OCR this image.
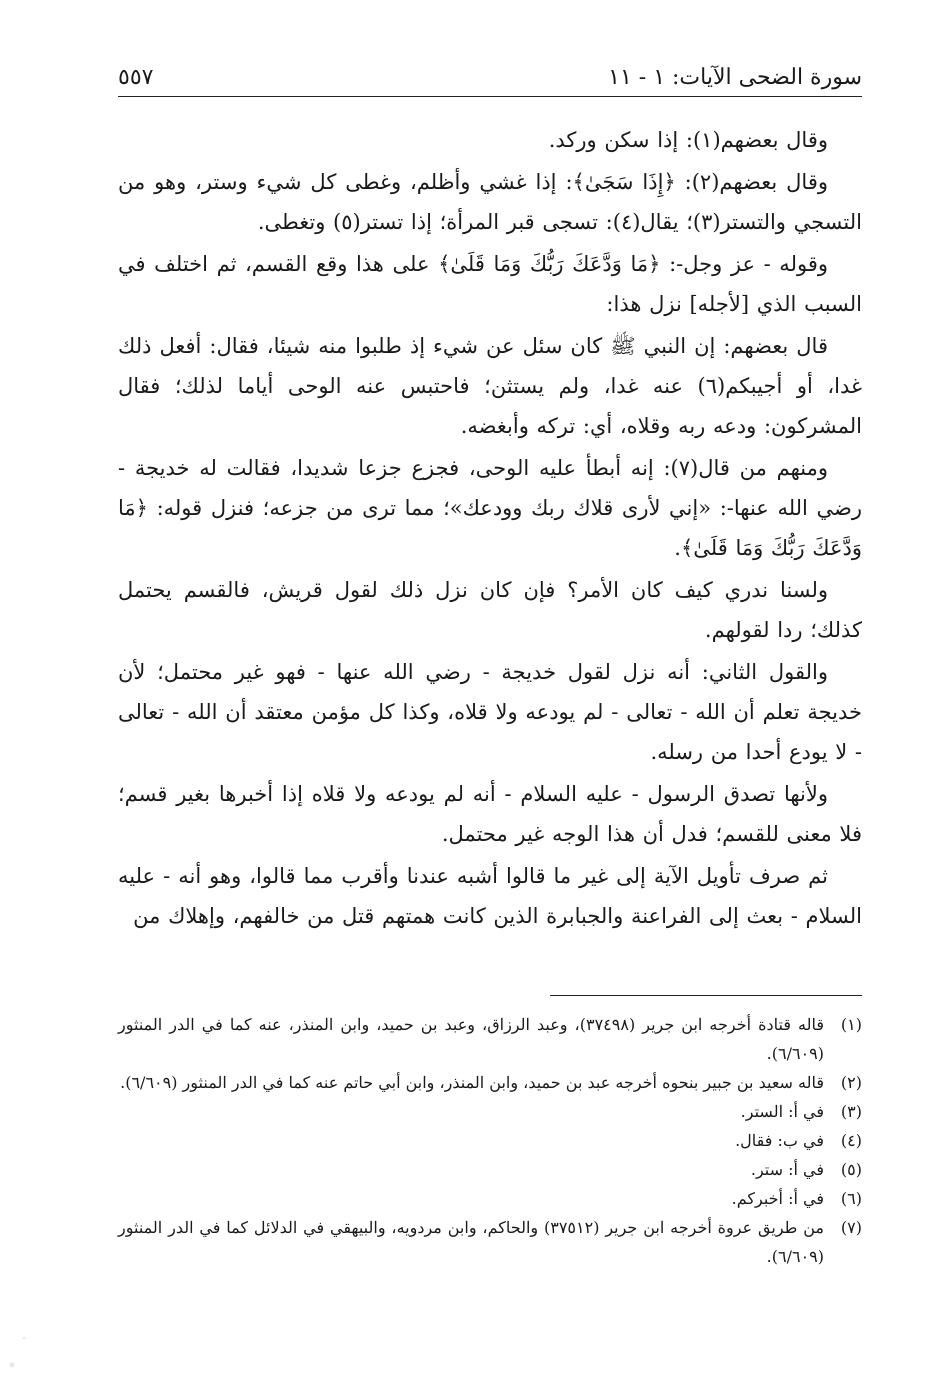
سورة الضحى الآيات: ١ - ١١
٥٥٧

وقال بعضهم(١): إذا سكن وركد.

وقال بعضهم(٢): ﴿إِذَا سَجَىٰ﴾: إذا غشي وأظلم، وغطى كل شيء وستر، وهو من التسجي والتستر(٣)؛ يقال(٤): تسجى قبر المرأة؛ إذا تستر(٥) وتغطى.

وقوله - عز وجل-: ﴿مَا وَدَّعَكَ رَبُّكَ وَمَا قَلَىٰ﴾ على هذا وقع القسم، ثم اختلف في السبب الذي [لأجله] نزل هذا:

قال بعضهم: إن النبي ﷺ كان سئل عن شيء إذ طلبوا منه شيئا، فقال: أفعل ذلك غدا، أو أجيبكم(٦) عنه غدا، ولم يستثن؛ فاحتبس عنه الوحى أياما لذلك؛ فقال المشركون: ودعه ربه وقلاه، أي: تركه وأبغضه.

ومنهم من قال(٧): إنه أبطأ عليه الوحى، فجزع جزعا شديدا، فقالت له خديجة - رضي الله عنها-: «إني لأرى قلاك ربك وودعك»؛ مما ترى من جزعه؛ فنزل قوله: ﴿مَا وَدَّعَكَ رَبُّكَ وَمَا قَلَىٰ﴾.

ولسنا ندري كيف كان الأمر؟ فإن كان نزل ذلك لقول قريش، فالقسم يحتمل كذلك؛ ردا لقولهم.

والقول الثاني: أنه نزل لقول خديجة - رضي الله عنها - فهو غير محتمل؛ لأن خديجة تعلم أن الله - تعالى - لم يودعه ولا قلاه، وكذا كل مؤمن معتقد أن الله - تعالى - لا يودع أحدا من رسله.

ولأنها تصدق الرسول - عليه السلام - أنه لم يودعه ولا قلاه إذا أخبرها بغير قسم؛ فلا معنى للقسم؛ فدل أن هذا الوجه غير محتمل.

ثم صرف تأويل الآية إلى غير ما قالوا أشبه عندنا وأقرب مما قالوا، وهو أنه - عليه السلام - بعث إلى الفراعنة والجبابرة الذين كانت همتهم قتل من خالفهم، وإهلاك من

(١)
قاله قتادة أخرجه ابن جرير (٣٧٤٩٨)، وعبد الرزاق، وعبد بن حميد، وابن المنذر، عنه كما في الدر المنثور (٦/٦٠٩).
(٢)
قاله سعيد بن جبير بنحوه أخرجه عبد بن حميد، وابن المنذر، وابن أبي حاتم عنه كما في الدر المنثور (٦/٦٠٩).
(٣)
في أ: الستر.
(٤)
في ب: فقال.
(٥)
في أ: ستر.
(٦)
في أ: أخبركم.
(٧)
من طريق عروة أخرجه ابن جرير (٣٧٥١٢) والحاكم، وابن مردويه، والبيهقي في الدلائل كما في الدر المنثور (٦/٦٠٩).
